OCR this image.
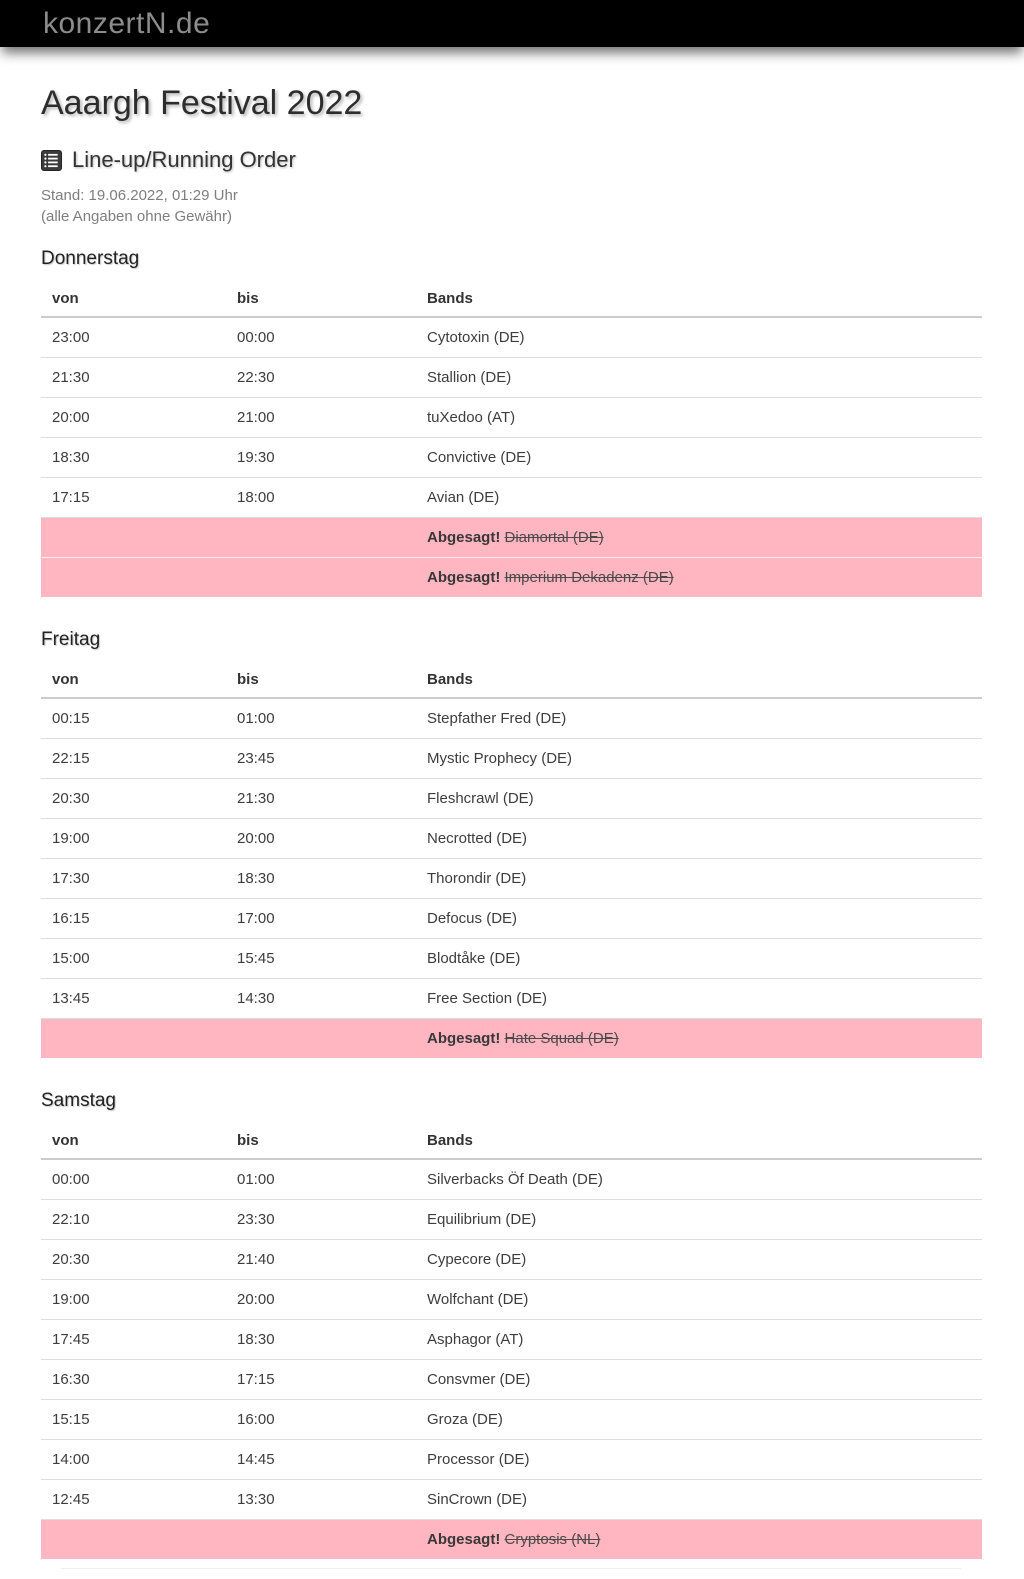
konzertN.de
Aaargh Festival 2022
Line-up/Running Order

Stand: 19.06.2022, 01:29 Uhr

(alle Angaben ohne Gewähr)

Donnerstag
von	bis	Bands
23:00	00:00	Cytotoxin (DE)
21:30	22:30	Stallion (DE)
20:00	21:00	tuXedoo (AT)
18:30	19:30	Convictive (DE)
17:15	18:00	Avian (DE)
		Abgesagt! Diamortal (DE)
		Abgesagt! Imperium Dekadenz (DE)
Freitag
von	bis	Bands
00:15	01:00	Stepfather Fred (DE)
22:15	23:45	Mystic Prophecy (DE)
20:30	21:30	Fleshcrawl (DE)
19:00	20:00	Necrotted (DE)
17:30	18:30	Thorondir (DE)
16:15	17:00	Defocus (DE)
15:00	15:45	Blodtåke (DE)
13:45	14:30	Free Section (DE)
		Abgesagt! Hate Squad (DE)
Samstag
von	bis	Bands
00:00	01:00	Silverbacks Öf Death (DE)
22:10	23:30	Equilibrium (DE)
20:30	21:40	Cypecore (DE)
19:00	20:00	Wolfchant (DE)
17:45	18:30	Asphagor (AT)
16:30	17:15	Consvmer (DE)
15:15	16:00	Groza (DE)
14:00	14:45	Processor (DE)
12:45	13:30	SinCrown (DE)
		Abgesagt! Cryptosis (NL)
